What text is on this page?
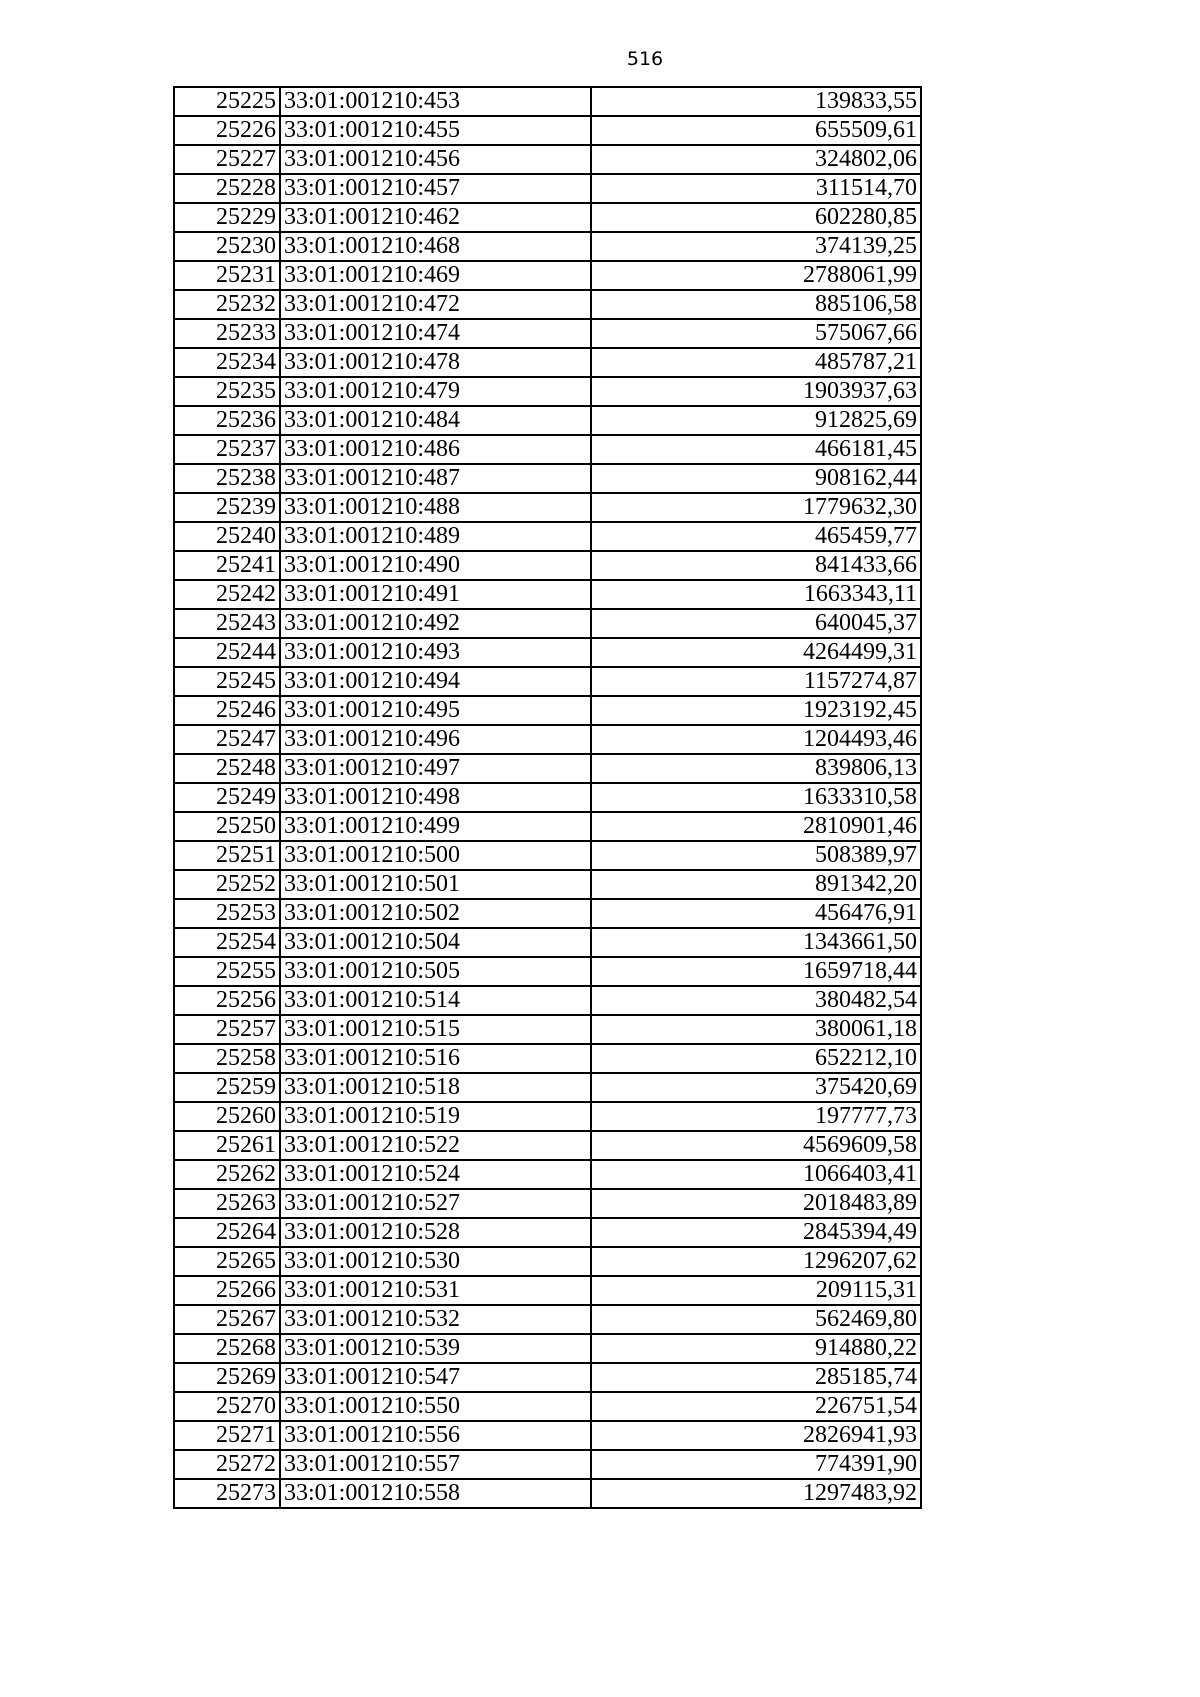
516
25225	33:01:001210:453	139833,55
25226	33:01:001210:455	655509,61
25227	33:01:001210:456	324802,06
25228	33:01:001210:457	311514,70
25229	33:01:001210:462	602280,85
25230	33:01:001210:468	374139,25
25231	33:01:001210:469	2788061,99
25232	33:01:001210:472	885106,58
25233	33:01:001210:474	575067,66
25234	33:01:001210:478	485787,21
25235	33:01:001210:479	1903937,63
25236	33:01:001210:484	912825,69
25237	33:01:001210:486	466181,45
25238	33:01:001210:487	908162,44
25239	33:01:001210:488	1779632,30
25240	33:01:001210:489	465459,77
25241	33:01:001210:490	841433,66
25242	33:01:001210:491	1663343,11
25243	33:01:001210:492	640045,37
25244	33:01:001210:493	4264499,31
25245	33:01:001210:494	1157274,87
25246	33:01:001210:495	1923192,45
25247	33:01:001210:496	1204493,46
25248	33:01:001210:497	839806,13
25249	33:01:001210:498	1633310,58
25250	33:01:001210:499	2810901,46
25251	33:01:001210:500	508389,97
25252	33:01:001210:501	891342,20
25253	33:01:001210:502	456476,91
25254	33:01:001210:504	1343661,50
25255	33:01:001210:505	1659718,44
25256	33:01:001210:514	380482,54
25257	33:01:001210:515	380061,18
25258	33:01:001210:516	652212,10
25259	33:01:001210:518	375420,69
25260	33:01:001210:519	197777,73
25261	33:01:001210:522	4569609,58
25262	33:01:001210:524	1066403,41
25263	33:01:001210:527	2018483,89
25264	33:01:001210:528	2845394,49
25265	33:01:001210:530	1296207,62
25266	33:01:001210:531	209115,31
25267	33:01:001210:532	562469,80
25268	33:01:001210:539	914880,22
25269	33:01:001210:547	285185,74
25270	33:01:001210:550	226751,54
25271	33:01:001210:556	2826941,93
25272	33:01:001210:557	774391,90
25273	33:01:001210:558	1297483,92
